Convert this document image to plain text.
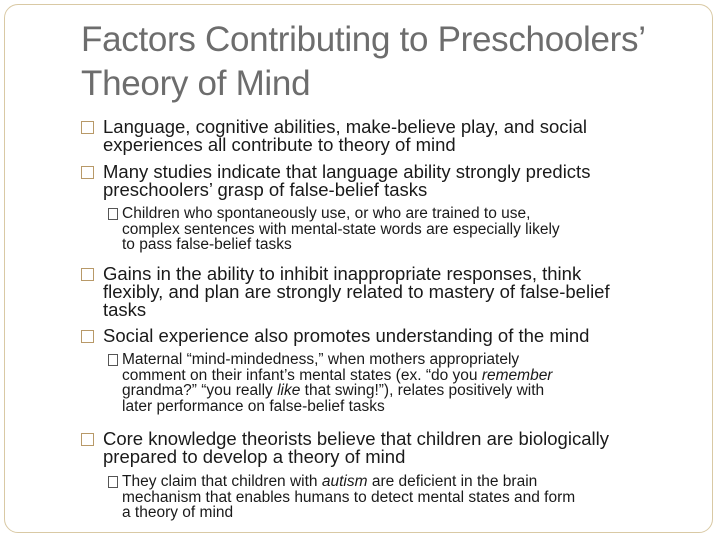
Factors Contributing to Preschoolers’
Theory of Mind
Language, cognitive abilities, make-believe play, and social
experiences all contribute to theory of mind
Many studies indicate that language ability strongly predicts
preschoolers’ grasp of false-belief tasks
Children who spontaneously use, or who are trained to use,
complex sentences with mental-state words are especially likely
to pass false-belief tasks
Gains in the ability to inhibit inappropriate responses, think
flexibly, and plan are strongly related to mastery of false-belief
tasks
Social experience also promotes understanding of the mind
Maternal “mind-mindedness,” when mothers appropriately
comment on their infant’s mental states (ex. “do you remember
grandma?” “you really like that swing!”), relates positively with
later performance on false-belief tasks
Core knowledge theorists believe that children are biologically
prepared to develop a theory of mind
They claim that children with autism are deficient in the brain
mechanism that enables humans to detect mental states and form
a theory of mind
